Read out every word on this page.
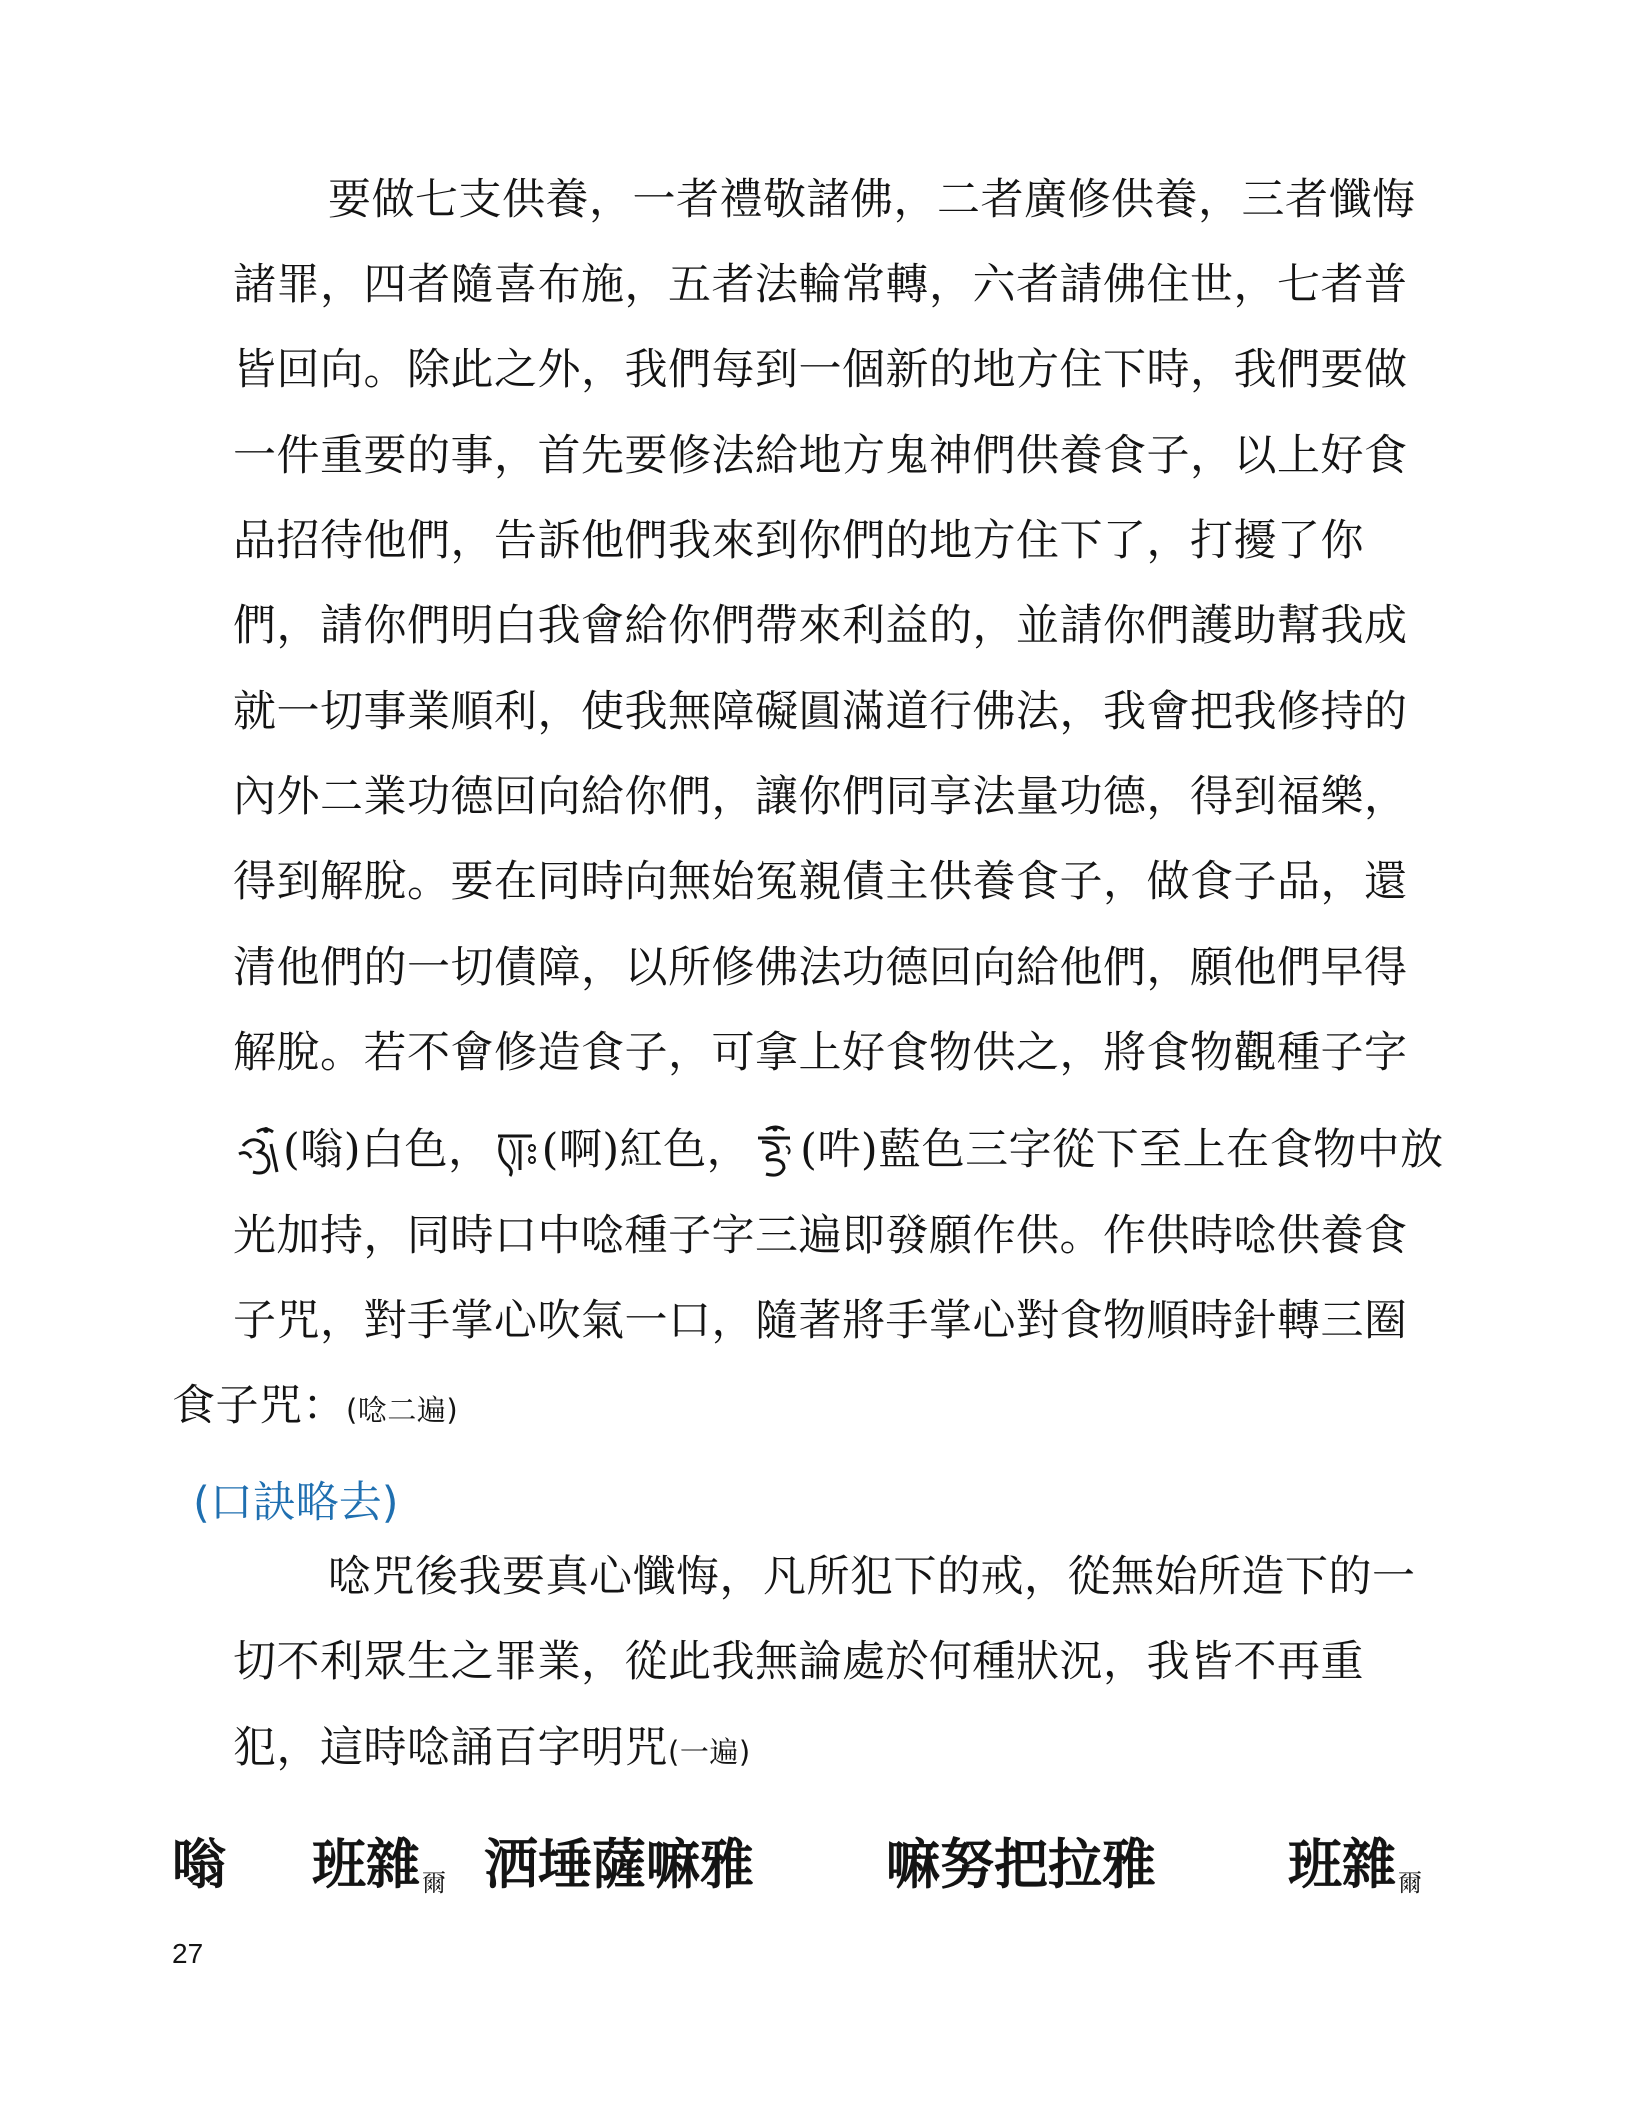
要做七支供養，一者禮敬諸佛，二者廣修供養，三者懺悔
諸罪，四者隨喜布施，五者法輪常轉，六者請佛住世，七者普
皆回向。除此之外，我們每到一個新的地方住下時，我們要做
一件重要的事，首先要修法給地方鬼神們供養食子，以上好食
品招待他們，告訴他們我來到你們的地方住下了，打擾了你
們，請你們明白我會給你們帶來利益的，並請你們護助幫我成
就一切事業順利，使我無障礙圓滿道行佛法，我會把我修持的
內外二業功德回向給你們，讓你們同享法量功德，得到福樂，
得到解脫。要在同時向無始冤親債主供養食子，做食子品，還
清他們的一切債障，以所修佛法功德回向給他們，願他們早得
解脫。若不會修造食子，可拿上好食物供之，將食物觀種子字
(嗡)白色， (啊)紅色， (吽)藍色三字從下至上在食物中放
光加持，同時口中唸種子字三遍即發願作供。作供時唸供養食
子咒，對手掌心吹氣一口，隨著將手掌心對食物順時針轉三圈
食子咒：(唸二遍)
(口訣略去)
唸咒後我要真心懺悔，凡所犯下的戒，從無始所造下的一
切不利眾生之罪業，從此我無論處於何種狀況，我皆不再重
犯，這時唸誦百字明咒(一遍)
嗡 班雜爾 洒埵薩嘛雅 嘛努把拉雅 班雜爾
27
